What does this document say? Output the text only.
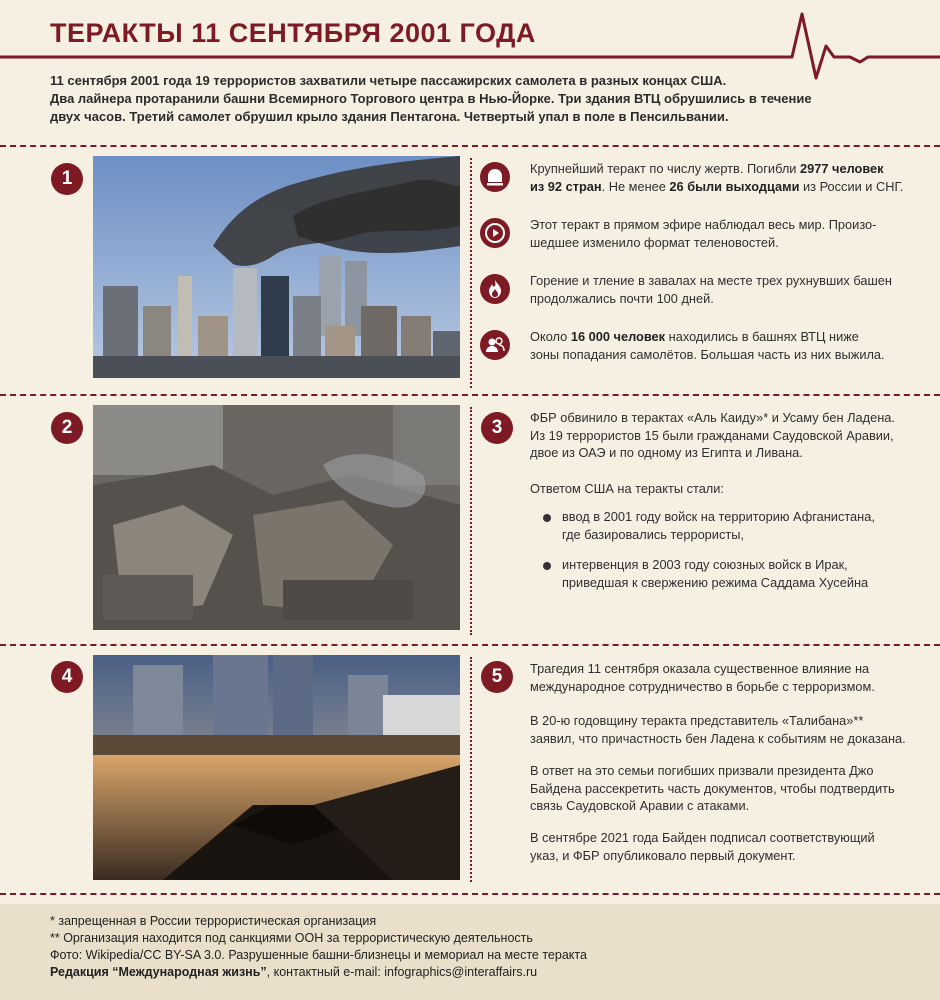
ТЕРАКТЫ 11 СЕНТЯБРЯ 2001 ГОДА
11 сентября 2001 года 19 террористов захватили четыре пассажирских самолета в разных концах США.
Два лайнера протаранили башни Всемирного Торгового центра в Нью-Йорке. Три здания ВТЦ обрушились в течение
двух часов. Третий самолет обрушил крыло здания Пентагона. Четвертый упал в поле в Пенсильвании.
1	Крупнейший теракт по числу жертв. Погибли 2977 человек
из 92 стран. Не менее 26 были выходцами из России и СНГ.
Этот теракт в прямом эфире наблюдал весь мир. Произо-
шедшее изменило формат теленовостей.
Горение и тление в завалах на месте трех рухнувших башен
продолжались почти 100 дней.
Около 16 000 человек находились в башнях ВТЦ ниже
зоны попадания самолётов. Большая часть из них выжила.
2	3	ФБР обвинило в терактах «Аль Каиду»* и Усаму бен Ладена.
Из 19 террористов 15 были гражданами Саудовской Аравии,
двое из ОАЭ и по одному из Египта и Ливана.
Ответом США на теракты стали:
ввод в 2001 году войск на территорию Афганистана,
где базировались террористы,
интервенция в 2003 году союзных войск в Ирак,
приведшая к свержению режима Саддама Хусейна
4	5	Трагедия 11 сентября оказала существенное влияние на
международное сотрудничество в борьбе с терроризмом.
В 20-ю годовщину теракта представитель «Талибана»**
заявил, что причастность бен Ладена к событиям не доказана.
В ответ на это семьи погибших призвали президента Джо
Байдена рассекретить часть документов, чтобы подтвердить
связь Саудовской Аравии с атаками.
В сентябре 2021 года Байден подписал соответствующий
указ, и ФБР опубликовало первый документ.
* запрещенная в России террористическая организация
** Организация находится под санкциями ООН за террористическую деятельность
Фото: Wikipedia/CC BY-SA 3.0. Разрушенные башни-близнецы и мемориал на месте теракта
Редакция “Международная жизнь”, контактный e-mail: infographics@interaffairs.ru
